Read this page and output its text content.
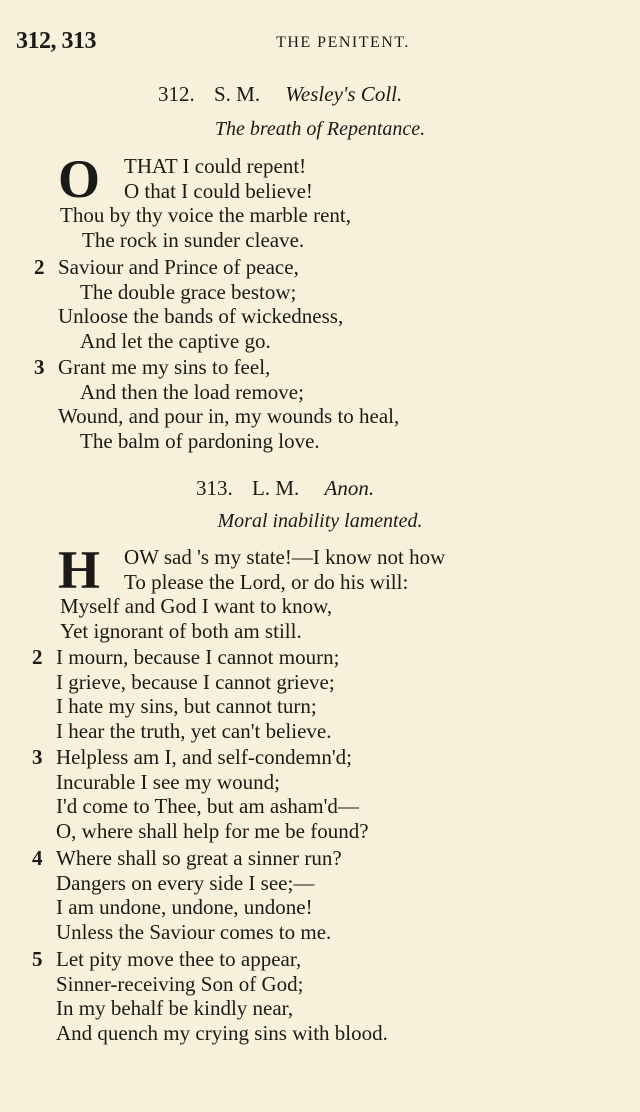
312, 313	THE PENITENT.
312. S. M. Wesley's Coll.
The breath of Repentance.
O	THAT I could repent!
O that I could believe!
Thou by thy voice the marble rent,
The rock in sunder cleave.
2 Saviour and Prince of peace,
The double grace bestow;
Unloose the bands of wickedness,
And let the captive go.
3 Grant me my sins to feel,
And then the load remove;
Wound, and pour in, my wounds to heal,
The balm of pardoning love.
313. L. M. Anon.
Moral inability lamented.
H	OW sad 's my state!—I know not how
To please the Lord, or do his will:
Myself and God I want to know,
Yet ignorant of both am still.
2 I mourn, because I cannot mourn;
I grieve, because I cannot grieve;
I hate my sins, but cannot turn;
I hear the truth, yet can't believe.
3 Helpless am I, and self-condemn'd;
Incurable I see my wound;
I'd come to Thee, but am asham'd—
O, where shall help for me be found?
4 Where shall so great a sinner run?
Dangers on every side I see;—
I am undone, undone, undone!
Unless the Saviour comes to me.
5 Let pity move thee to appear,
Sinner-receiving Son of God;
In my behalf be kindly near,
And quench my crying sins with blood.
